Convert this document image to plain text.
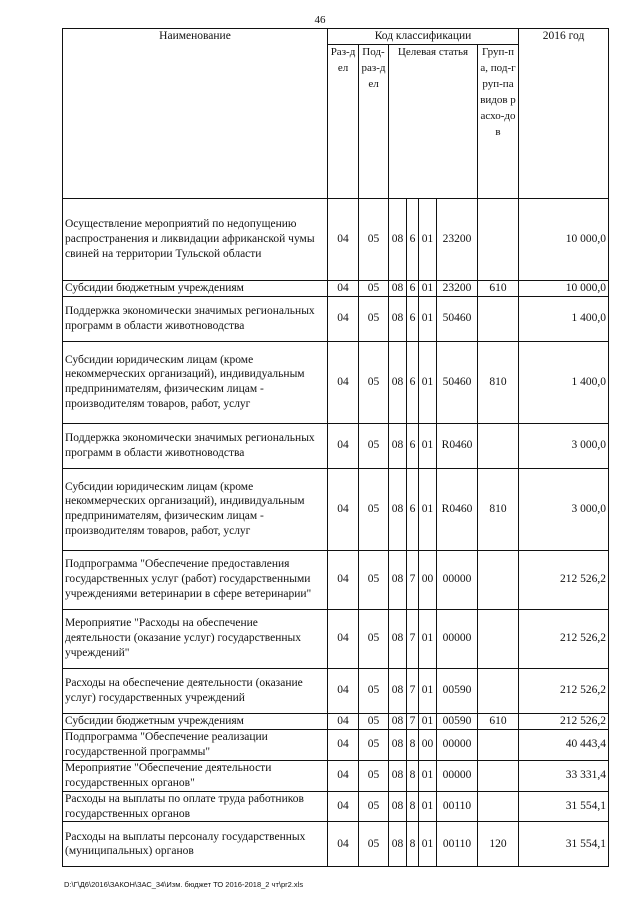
46
Наименование	Код классификации							2016 год
	Раз-дел	Под-раз-дел	Целевая статья				Груп-па, под-груп-па видов расхо-дов	
Осуществление мероприятий по недопущению распространения и ликвидации африканской чумы свиней на территории Тульской области	04	05	08	6	01	23200		10 000,0
Субсидии бюджетным учреждениям	04	05	08	6	01	23200	610	10 000,0
Поддержка экономически значимых региональных программ в области животноводства	04	05	08	6	01	50460		1 400,0
Субсидии юридическим лицам (кроме некоммерческих организаций), индивидуальным предпринимателям, физическим лицам - производителям товаров, работ, услуг	04	05	08	6	01	50460	810	1 400,0
Поддержка экономически значимых региональных программ в области животноводства	04	05	08	6	01	R0460		3 000,0
Субсидии юридическим лицам (кроме некоммерческих организаций), индивидуальным предпринимателям, физическим лицам - производителям товаров, работ, услуг	04	05	08	6	01	R0460	810	3 000,0
Подпрограмма "Обеспечение предоставления государственных услуг (работ) государственными учреждениями ветеринарии в сфере ветеринарии"	04	05	08	7	00	00000		212 526,2
Мероприятие "Расходы на обеспечение деятельности (оказание услуг) государственных учреждений"	04	05	08	7	01	00000		212 526,2
Расходы на обеспечение деятельности (оказание услуг) государственных учреждений	04	05	08	7	01	00590		212 526,2
Субсидии бюджетным учреждениям	04	05	08	7	01	00590	610	212 526,2
Подпрограмма "Обеспечение реализации государственной программы"	04	05	08	8	00	00000		40 443,4
Мероприятие "Обеспечение деятельности государственных органов"	04	05	08	8	01	00000		33 331,4
Расходы на выплаты по оплате труда работников государственных органов	04	05	08	8	01	00110		31 554,1
Расходы на выплаты персоналу государственных (муниципальных) органов	04	05	08	8	01	00110	120	31 554,1
D:\Г\Д6\2016\ЗАКОН\ЗАС_34\Изм. бюджет ТО 2016-2018_2 чт\pr2.xls
